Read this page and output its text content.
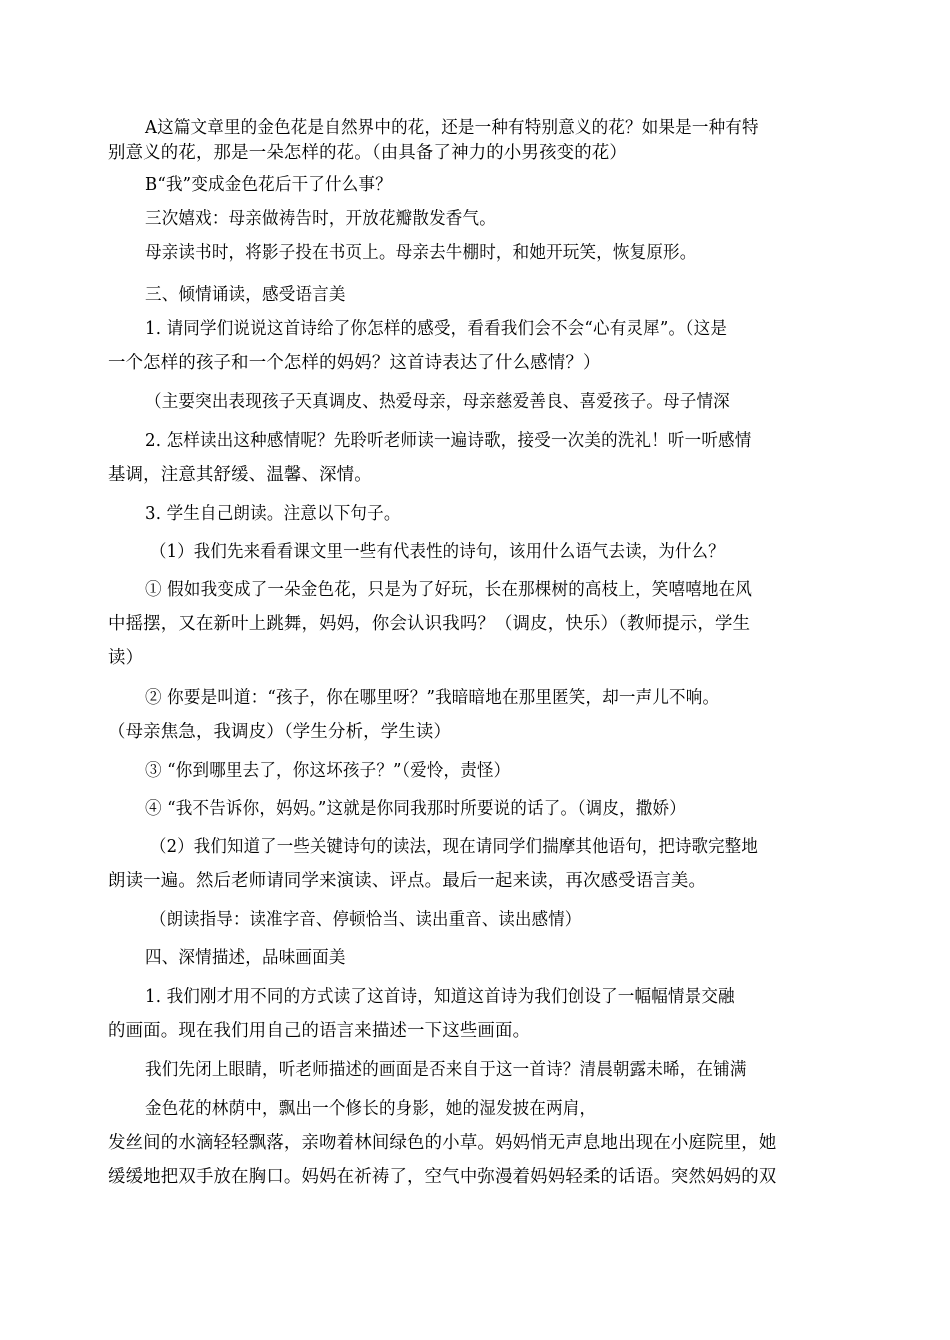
A这篇文章里的金色花是自然界中的花，还是一种有特别意义的花？如果是一种有特
别意义的花，那是一朵怎样的花。（由具备了神力的小男孩变的花）
B“我”变成金色花后干了什么事？
三次嬉戏：母亲做祷告时，开放花瓣散发香气。
母亲读书时，将影子投在书页上。母亲去牛棚时，和她开玩笑，恢复原形。
三、倾情诵读，感受语言美
1. 请同学们说说这首诗给了你怎样的感受，看看我们会不会“心有灵犀”。（这是
一个怎样的孩子和一个怎样的妈妈？这首诗表达了什么感情？）
（主要突出表现孩子天真调皮、热爱母亲，母亲慈爱善良、喜爱孩子。母子情深
2. 怎样读出这种感情呢？先聆听老师读一遍诗歌，接受一次美的洗礼！听一听感情
基调，注意其舒缓、温馨、深情。
3. 学生自己朗读。注意以下句子。
（1）我们先来看看课文里一些有代表性的诗句，该用什么语气去读，为什么？
① 假如我变成了一朵金色花，只是为了好玩，长在那棵树的高枝上，笑嘻嘻地在风
中摇摆，又在新叶上跳舞，妈妈，你会认识我吗？（调皮，快乐）（教师提示，学生
读）
② 你要是叫道：“孩子，你在哪里呀？”我暗暗地在那里匿笑，却一声儿不响。
（母亲焦急，我调皮）（学生分析，学生读）
③ “你到哪里去了，你这坏孩子？”（爱怜，责怪）
④ “我不告诉你，妈妈。”这就是你同我那时所要说的话了。（调皮，撒娇）
（2）我们知道了一些关键诗句的读法，现在请同学们揣摩其他语句，把诗歌完整地
朗读一遍。然后老师请同学来演读、评点。最后一起来读，再次感受语言美。
（朗读指导：读准字音、停顿恰当、读出重音、读出感情）
四、深情描述，品味画面美
1. 我们刚才用不同的方式读了这首诗，知道这首诗为我们创设了一幅幅情景交融
的画面。现在我们用自己的语言来描述一下这些画面。
我们先闭上眼睛，听老师描述的画面是否来自于这一首诗？清晨朝露未晞，在铺满
金色花的林荫中，飘出一个修长的身影，她的湿发披在两肩，
发丝间的水滴轻轻飘落，亲吻着林间绿色的小草。妈妈悄无声息地出现在小庭院里，她
缓缓地把双手放在胸口。妈妈在祈祷了，空气中弥漫着妈妈轻柔的话语。突然妈妈的双
